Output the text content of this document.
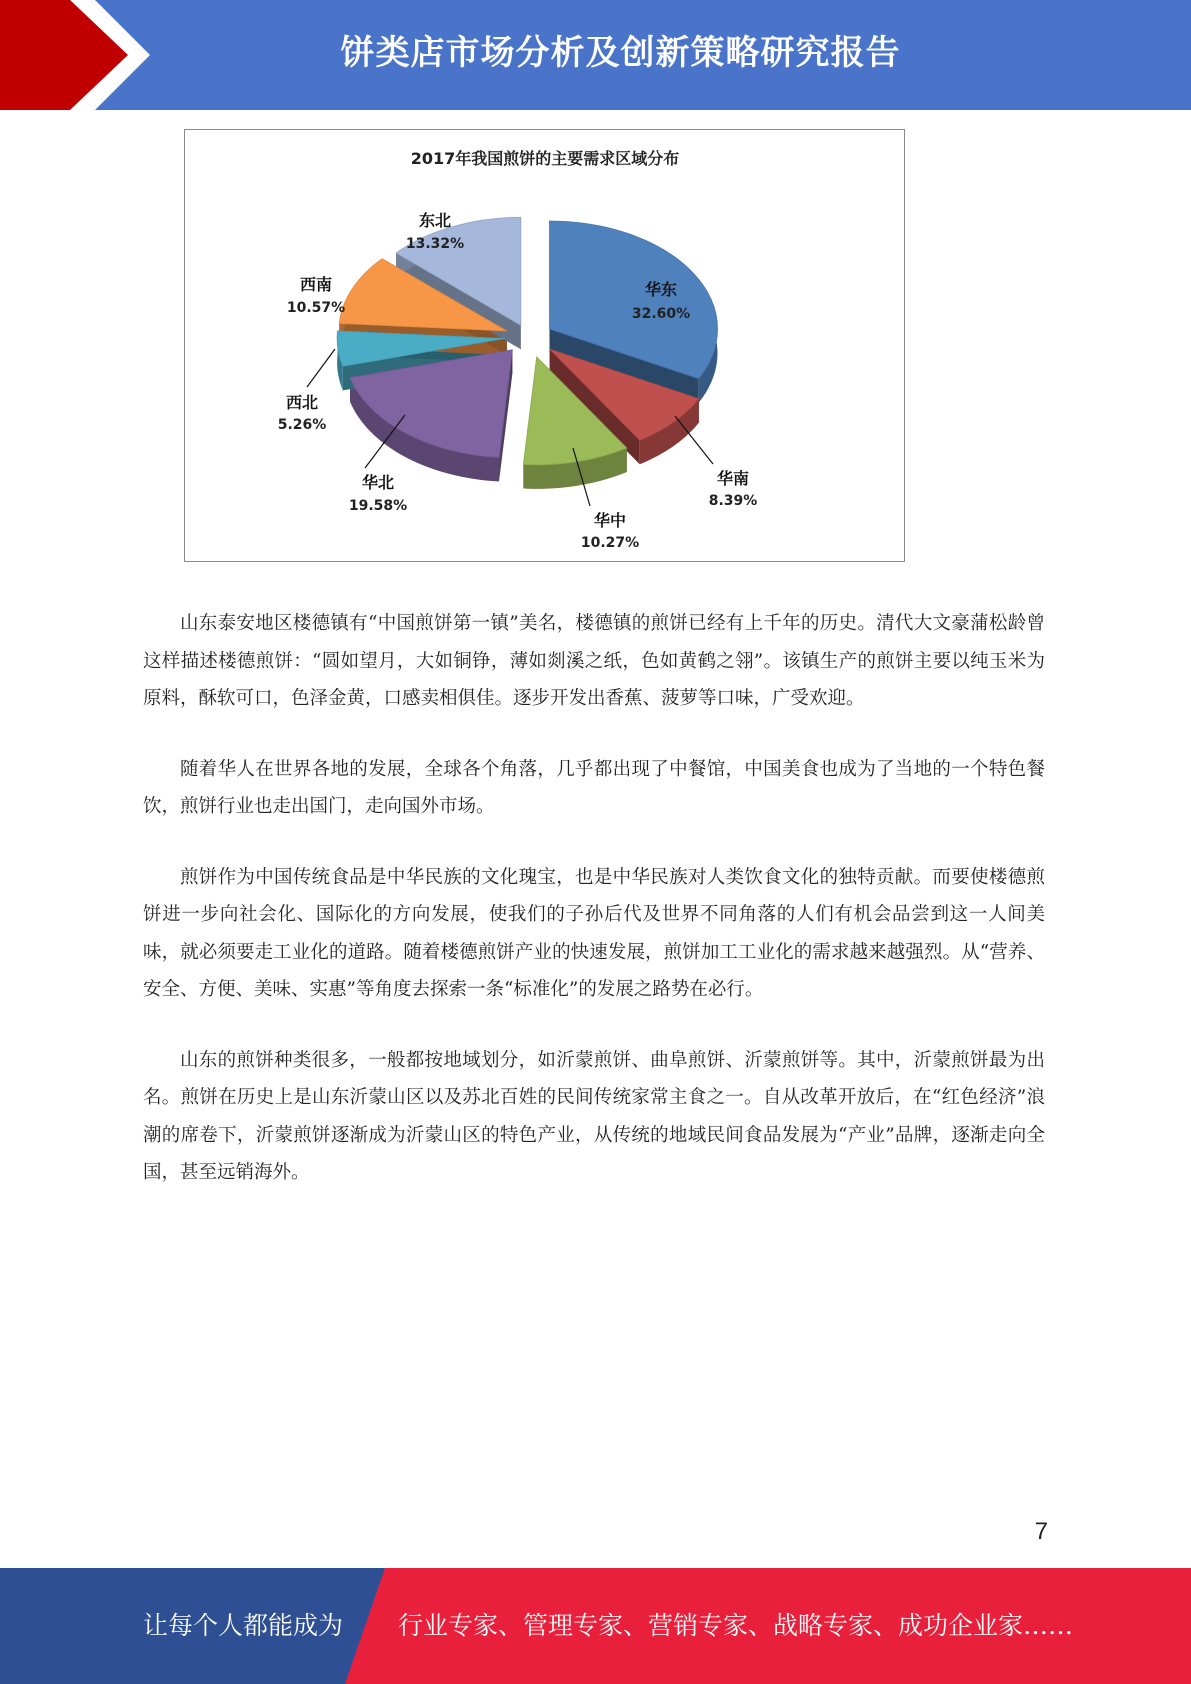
饼类店市场分析及创新策略研究报告
2017年我国煎饼的主要需求区域分布
华东
32.60%
华南
8.39%
华中
10.27%
华北
19.58%
西北
5.26%
西南
10.57%
东北
13.32%

山东泰安地区楼德镇有“中国煎饼第一镇”美名，楼德镇的煎饼已经有上千年的历史。清代大文豪蒲松龄曾这样描述楼德煎饼：“圆如望月，大如铜铮，薄如剡溪之纸，色如黄鹤之翎”。该镇生产的煎饼主要以纯玉米为原料，酥软可口，色泽金黄，口感卖相俱佳。逐步开发出香蕉、菠萝等口味，广受欢迎。

随着华人在世界各地的发展，全球各个角落，几乎都出现了中餐馆，中国美食也成为了当地的一个特色餐饮，煎饼行业也走出国门，走向国外市场。

煎饼作为中国传统食品是中华民族的文化瑰宝，也是中华民族对人类饮食文化的独特贡献。而要使楼德煎饼进一步向社会化、国际化的方向发展，使我们的子孙后代及世界不同角落的人们有机会品尝到这一人间美味，就必须要走工业化的道路。随着楼德煎饼产业的快速发展，煎饼加工工业化的需求越来越强烈。从“营养、安全、方便、美味、实惠”等角度去探索一条“标准化”的发展之路势在必行。

山东的煎饼种类很多，一般都按地域划分，如沂蒙煎饼、曲阜煎饼、沂蒙煎饼等。其中，沂蒙煎饼最为出名。煎饼在历史上是山东沂蒙山区以及苏北百姓的民间传统家常主食之一。自从改革开放后，在“红色经济”浪潮的席卷下，沂蒙煎饼逐渐成为沂蒙山区的特色产业，从传统的地域民间食品发展为“产业”品牌，逐渐走向全国，甚至远销海外。

7
让每个人都能成为 行业专家、管理专家、营销专家、战略专家、成功企业家……
